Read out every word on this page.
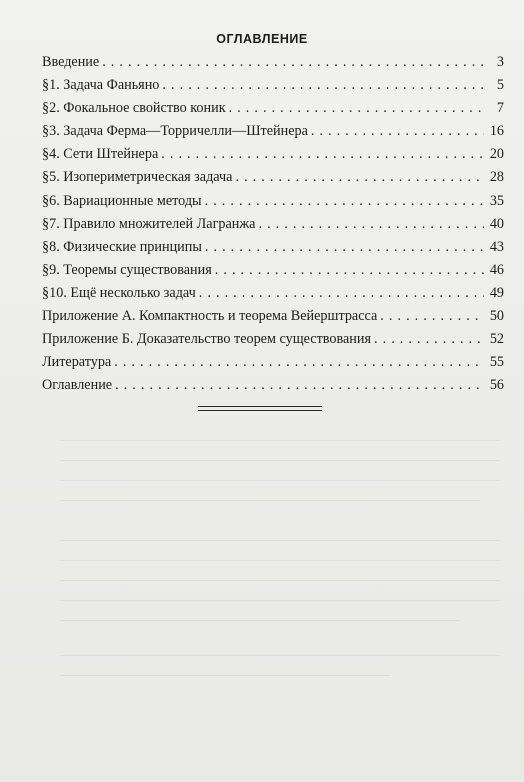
ОГЛАВЛЕНИЕ
Введение . . .	3
§1. Задача Фаньяно . . .	5
§2. Фокальное свойство коник . . .	7
§3. Задача Ферма—Торричелли—Штейнера . . .	16
§4. Сети Штейнера . . .	20
§5. Изопериметрическая задача . . .	28
§6. Вариационные методы . . .	35
§7. Правило множителей Лагранжа . . .	40
§8. Физические принципы . . .	43
§9. Теоремы существования . . .	46
§10. Ещё несколько задач . . .	49
Приложение А. Компактность и теорема Вейерштрасса . . .	50
Приложение Б. Доказательство теорем существования . . .	52
Литература . . .	55
Оглавление . . .	56
